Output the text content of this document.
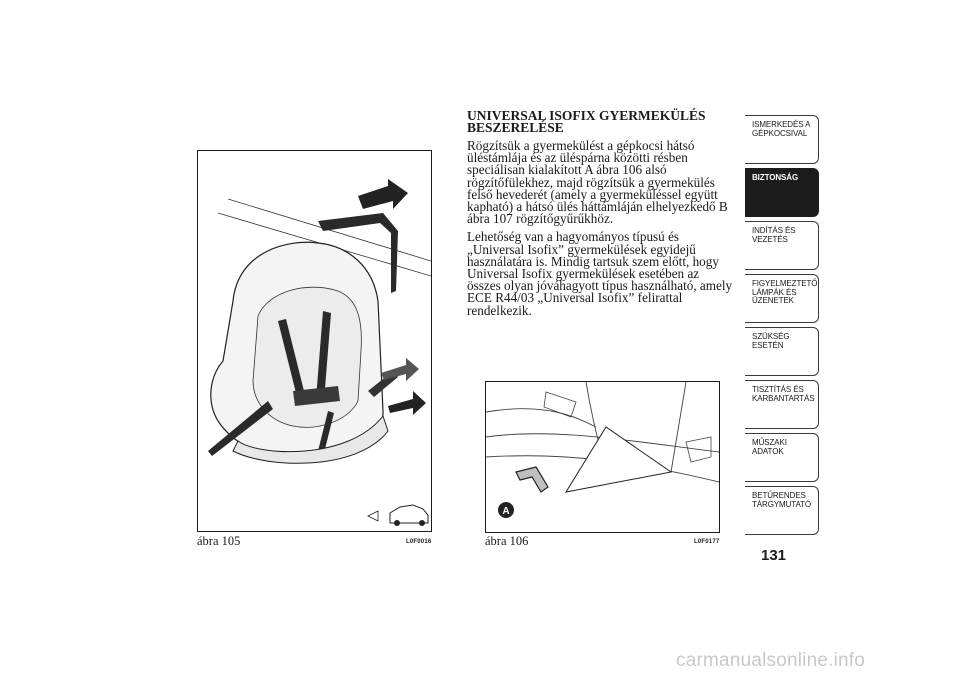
ábra 105	L0F0016
A
ábra 106	L0F0177
UNIVERSAL ISOFIX GYERMEKÜLÉS BESZERELÉSE

Rögzítsük a gyermekülést a gépkocsi hátsó üléstámlája és az üléspárna közötti résben speciálisan kialakított A ábra 106 alsó rögzítőfülekhez, majd rögzítsük a gyermekülés felső hevederét (amely a gyermeküléssel együtt kapható) a hátsó ülés háttámláján elhelyezkedő B ábra 107 rögzítőgyűrűkhöz.

Lehetőség van a hagyományos típusú és „Universal Isofix” gyermekülések egyidejű használatára is. Mindig tartsuk szem előtt, hogy Universal Isofix gyermekülések esetében az összes olyan jóváhagyott típus használható, amely ECE R44/03 „Universal Isofix” felirattal rendelkezik.

ISMERKEDÉS A GÉPKOCSIVAL
BIZTONSÁG
INDÍTÁS ÉS VEZETÉS
FIGYELMEZTETŐ LÁMPÁK ÉS ÜZENETEK
SZÜKSÉG ESETÉN
TISZTÍTÁS ÉS KARBANTARTÁS
MŰSZAKI ADATOK
BETŰRENDES TÁRGYMUTATÓ
131
carmanualsonline.info
